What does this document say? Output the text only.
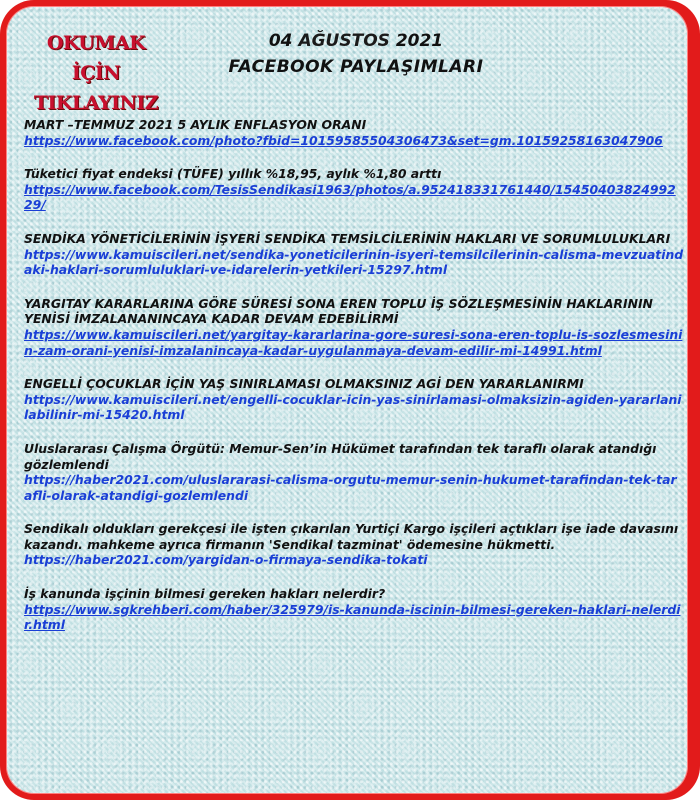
OKUMAK İÇİN
TIKLAYINIZ
04 AĞUSTOS 2021
FACEBOOK PAYLAŞIMLARI
MART –TEMMUZ 2021 5 AYLIK ENFLASYON ORANI
https://www.facebook.com/photo?fbid=10159585504306473&set=gm.10159258163047906
Tüketici fiyat endeksi (TÜFE) yıllık %18,95, aylık %1,80 arttı
https://www.facebook.com/TesisSendikasi1963/photos/a.952418331761440/1545040382499229/
SENDİKA YÖNETİCİLERİNİN İŞYERİ SENDİKA TEMSİLCİLERİNİN HAKLARI VE SORUMLULUKLARI
https://www.kamuiscileri.net/sendika-yoneticilerinin-isyeri-temsilcilerinin-calisma-mevzuatindaki-haklari-sorumluluklari-ve-idarelerin-yetkileri-15297.html
YARGITAY KARARLARINA GÖRE SÜRESİ SONA EREN TOPLU İŞ SÖZLEŞMESİNİN HAKLARININ YENİSİ İMZALANANINCAYA KADAR DEVAM EDEBİLİRMİ
https://www.kamuiscileri.net/yargitay-kararlarina-gore-suresi-sona-eren-toplu-is-sozlesmesinin-zam-orani-yenisi-imzalanincaya-kadar-uygulanmaya-devam-edilir-mi-14991.html
ENGELLİ ÇOCUKLAR İÇİN YAŞ SINIRLAMASI OLMAKSINIZ AGİ DEN YARARLANIRMI
https://www.kamuiscileri.net/engelli-cocuklar-icin-yas-sinirlamasi-olmaksizin-agiden-yararlanilabilinir-mi-15420.html
Uluslararası Çalışma Örgütü: Memur-Sen’in Hükümet tarafından tek taraflı olarak atandığı gözlemlendi
https://haber2021.com/uluslararasi-calisma-orgutu-memur-senin-hukumet-tarafindan-tek-tarafli-olarak-atandigi-gozlemlendi
Sendikalı oldukları gerekçesi ile işten çıkarılan Yurtiçi Kargo işçileri açtıkları işe iade davasını kazandı. mahkeme ayrıca firmanın 'Sendikal tazminat' ödemesine hükmetti.
https://haber2021.com/yargidan-o-firmaya-sendika-tokati
İş kanunda işçinin bilmesi gereken hakları nelerdir?
https://www.sgkrehberi.com/haber/325979/is-kanunda-iscinin-bilmesi-gereken-haklari-nelerdir.html
